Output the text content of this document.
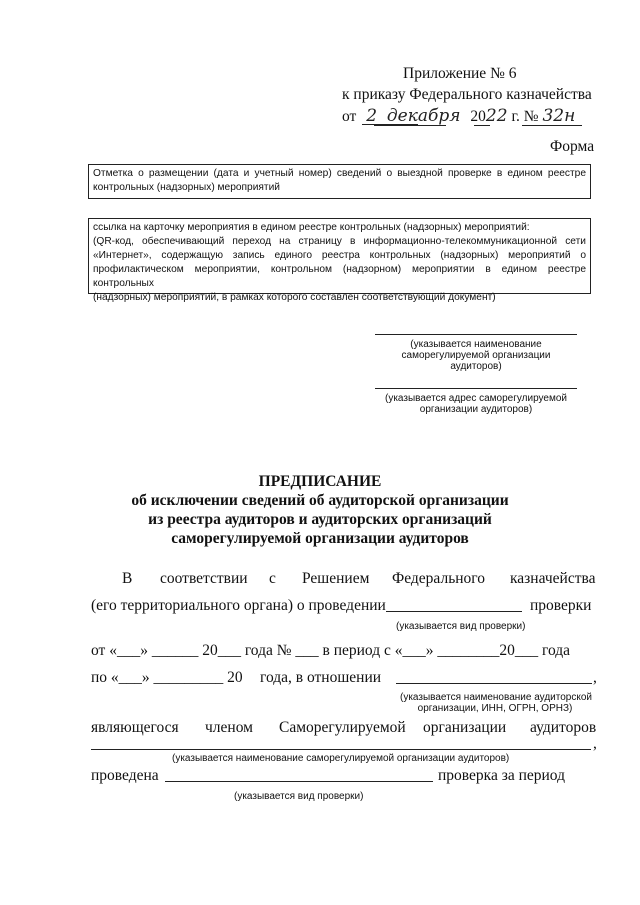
Приложение № 6
к приказу Федерального казначейства
от 2 декабря 2022 г. № 32н
Форма
Отметка о размещении (дата и учетный номер) сведений о выездной проверке в едином реестре
контрольных (надзорных) мероприятий
ссылка на карточку мероприятия в едином реестре контрольных (надзорных) мероприятий:
(QR-код, обеспечивающий переход на страницу в информационно-телекоммуникационной сети
«Интернет», содержащую запись единого реестра контрольных (надзорных) мероприятий о
профилактическом мероприятии, контрольном (надзорном) мероприятии в едином реестре контрольных
(надзорных) мероприятий, в рамках которого составлен соответствующий документ)
(указывается наименование
саморегулируемой организации
аудиторов)
(указывается адрес саморегулируемой
организации аудиторов)
ПРЕДПИСАНИЕ
об исключении сведений об аудиторской организации
из реестра аудиторов и аудиторских организаций
саморегулируемой организации аудиторов
В соответствии с Решением Федерального казначейства
(его территориального органа) о проведении	проверки
(указывается вид проверки)
от «___» ______ 20___ года № ___ в период с «___» ________20___ года
по «___» _________ 20 года, в отношении	,
(указывается наименование аудиторской
организации, ИНН, ОГРН, ОРНЗ)
являющегося членом Саморегулируемой организации аудиторов
,
(указывается наименование саморегулируемой организации аудиторов)
проведена	проверка за период
(указывается вид проверки)
